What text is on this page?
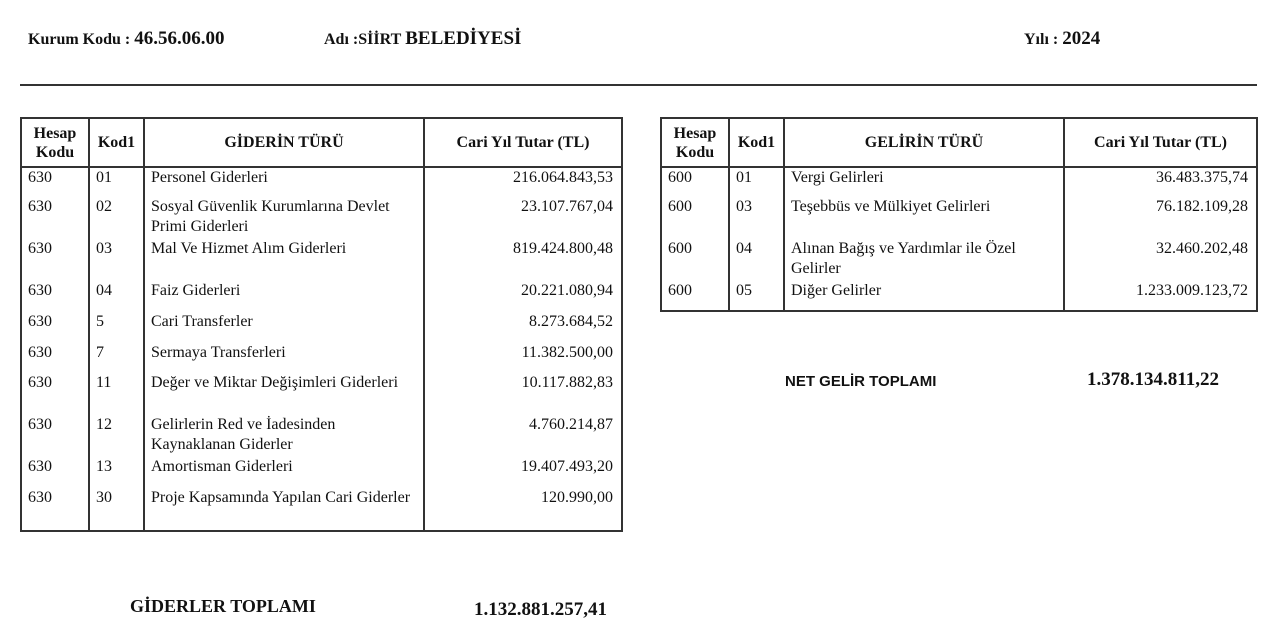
Kurum Kodu : 46.56.06.00	Adı :SİİRT BELEDİYESİ	Yılı : 2024
Hesap Kodu	Kod1	GİDERİN TÜRÜ	Cari Yıl Tutar (TL)
630	01	Personel Giderleri	216.064.843,53
630	02	Sosyal Güvenlik Kurumlarına Devlet Primi Giderleri	23.107.767,04
630	03	Mal Ve Hizmet Alım Giderleri	819.424.800,48
630	04	Faiz Giderleri	20.221.080,94
630	5	Cari Transferler	8.273.684,52
630	7	Sermaya Transferleri	11.382.500,00
630	11	Değer ve Miktar Değişimleri Giderleri	10.117.882,83
630	12	Gelirlerin Red ve İadesinden Kaynaklanan Giderler	4.760.214,87
630	13	Amortisman Giderleri	19.407.493,20
630	30	Proje Kapsamında Yapılan Cari Giderler	120.990,00
Hesap Kodu	Kod1	GELİRİN TÜRÜ	Cari Yıl Tutar (TL)
600	01	Vergi Gelirleri	36.483.375,74
600	03	Teşebbüs ve Mülkiyet Gelirleri	76.182.109,28
600	04	Alınan Bağış ve Yardımlar ile Özel Gelirler	32.460.202,48
600	05	Diğer Gelirler	1.233.009.123,72
NET GELİR TOPLAMI	1.378.134.811,22
GİDERLER TOPLAMI	1.132.881.257,41
